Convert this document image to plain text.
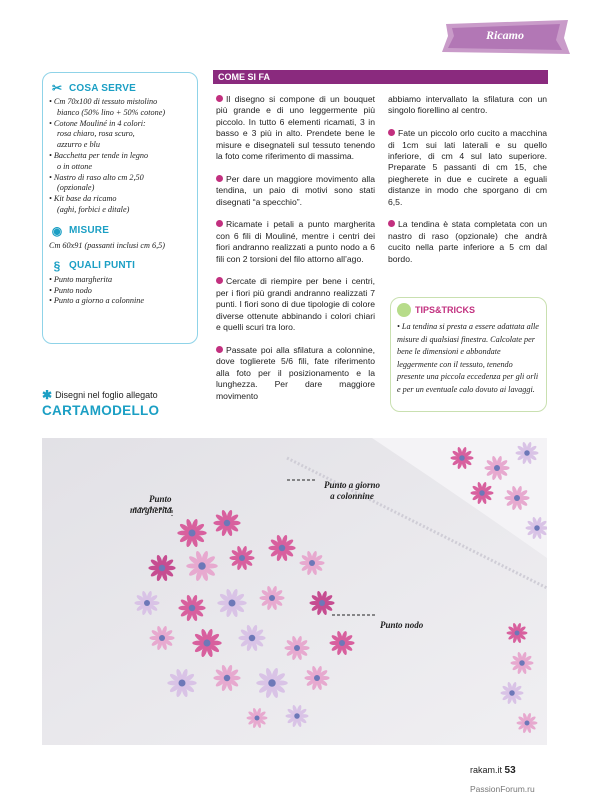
Ricamo
✂ COSA SERVE
• Cm 70x100 di tessuto mistolino
bianco (50% lino + 50% cotone)
• Cotone Mouliné in 4 colori:
rosa chiaro, rosa scuro,
azzurro e blu
• Bacchetta per tende in legno
o in ottone
• Nastro di raso alto cm 2,50
(opzionale)
• Kit base da ricamo
(aghi, forbici e ditale)
◉ MISURE
Cm 60x91 (passanti inclusi cm 6,5)
§ QUALI PUNTI
• Punto margherita
• Punto nodo
• Punto a giorno a colonnine
✱ Disegni nel foglio allegato
CARTAMODELLO
COME SI FA

Il disegno si compone di un bouquet più grande e di uno leggermente più piccolo. In tutto 6 elementi ricamati, 3 in basso e 3 più in alto. Prendete bene le misure e disegnateli sul tessuto tenendo la foto come riferimento di massima.

Per dare un maggiore movimento alla tendina, un paio di motivi sono stati disegnati “a specchio”.

Ricamate i petali a punto margherita con 6 fili di Mouliné, mentre i centri dei fiori andranno realizzati a punto nodo a 6 fili con 2 torsioni del filo attorno all’ago.

Cercate di riempire per bene i centri, per i fiori più grandi andranno realizzati 7 punti. I fiori sono di due tipologie di colore diverse ottenute abbinando i colori chiari e quelli scuri tra loro.

Passate poi alla sfilatura a colonnine, dove toglierete 5/6 fili, fate riferimento alla foto per il posizionamento e la lunghezza. Per dare maggiore movimento

abbiamo intervallato la sfilatura con un singolo fiorellino al centro.

Fate un piccolo orlo cucito a macchina di 1cm sui lati laterali e su quello inferiore, di cm 4 sul lato superiore. Preparate 5 passanti di cm 15, che piegherete in due e cucirete a eguali distanze in modo che sporgano di cm 6,5.

La tendina è stata completata con un nastro di raso (opzionale) che andrà cucito nella parte inferiore a 5 cm dal bordo.

TIPS&TRICKS
• La tendina si presta a essere adattata alle misure di qualsiasi finestra. Calcolate per bene le dimensioni e abbondate leggermente con il tessuto, tenendo presente una piccola eccedenza per gli orli e per un eventuale calo dovuto ai lavaggi.
Punto
margherita
Punto a giorno
a colonnine
Punto nodo
rakam.it 53
PassionForum.ru
